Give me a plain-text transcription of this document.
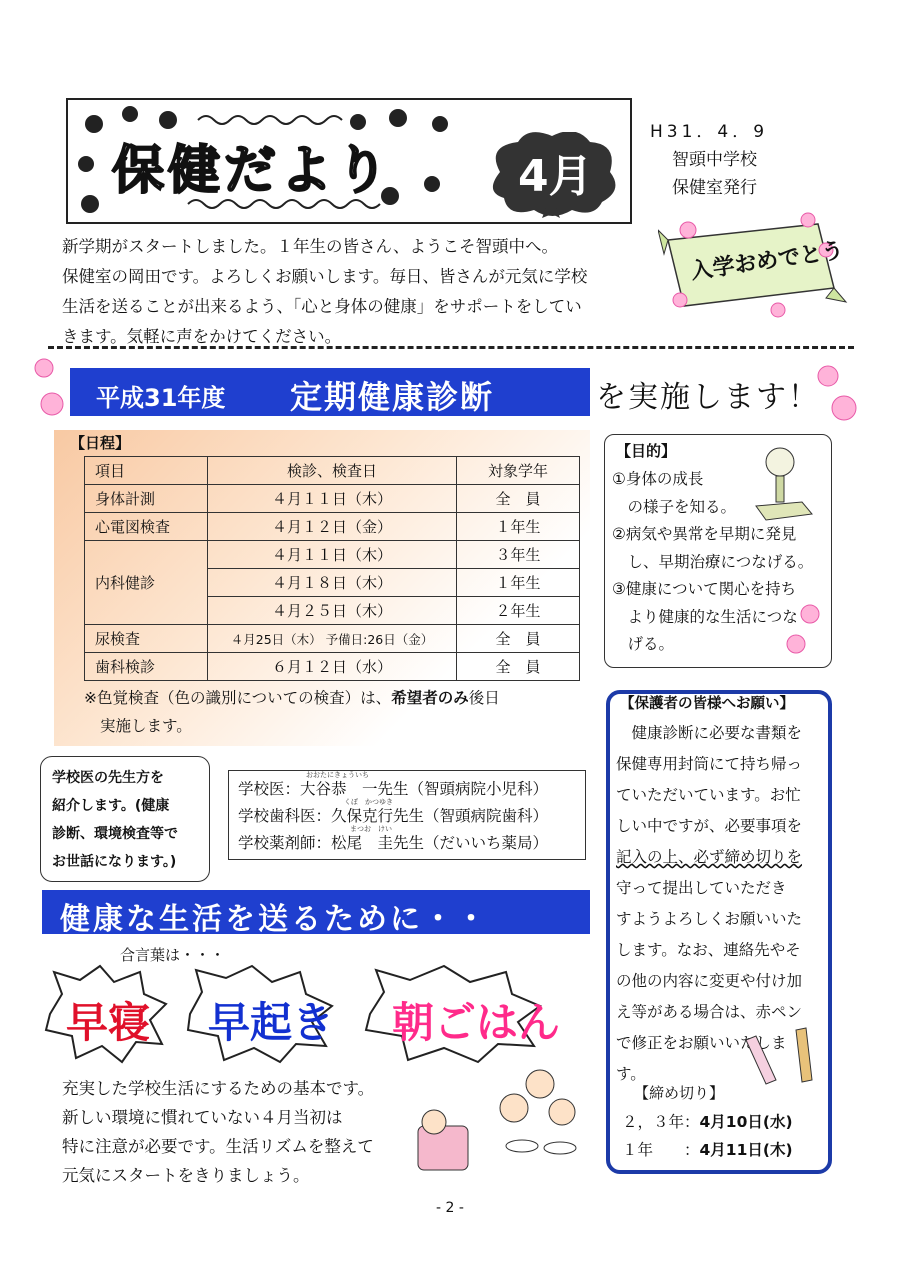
保健だより	4月
H31．4．9
智頭中学校
保健室発行
新学期がスタートしました。１年生の皆さん、ようこそ智頭中へ。
保健室の岡田です。よろしくお願いします。毎日、皆さんが元気に学校
生活を送ることが出来るよう、「心と身体の健康」をサポートをしてい
きます。気軽に声をかけてください。
入学おめでとう
平成31年度 定期健康診断	を実施します！
【日程】
項目	検診、検査日	対象学年
身体計測	４月１１日（木）	全　員
心電図検査	４月１２日（金）	１年生
内科健診	４月１１日（木）	３年生
	４月１８日（木）	１年生
	４月２５日（木）	２年生
尿検査	４月25日（木） 予備日:26日（金）	全　員
歯科検診	６月１２日（水）	全　員
※色覚検査（色の識別についての検査）は、希望者のみ後日
実施します。
【目的】
①身体の成長
　の様子を知る。
②病気や異常を早期に発見
　し、早期治療につなげる。
③健康について関心を持ち
　より健康的な生活につな
　げる。
【保護者の皆様へお願い】
　健康診断に必要な書類を
保健専用封筒にて持ち帰っ
ていただいています。お忙
しい中ですが、必要事項を
記入の上、必ず締め切りを
守って提出していただき
すようよろしくお願いいた
します。なお、連絡先やそ
の他の内容に変更や付け加
え等がある場合は、赤ペン
で修正をお願いいたしま
す。
【締め切り】
２，３年：4月10日(水)
１年　　：4月11日(木)
学校医の先生方を
紹介します。(健康
診断、環境検査等で
お世話になります。)
おおたにきょういち
くぼ　かつゆき
まつお　けい
学校医：大谷恭　一先生（智頭病院小児科）
学校歯科医：久保克行先生（智頭病院歯科）
学校薬剤師：松尾　圭先生（だいいち薬局）
健康な生活を送るために・・
合言葉は・・・
早寝 早起き 朝ごはん
充実した学校生活にするための基本です。
新しい環境に慣れていない４月当初は
特に注意が必要です。生活リズムを整えて
元気にスタートをきりましょう。
- 2 -
